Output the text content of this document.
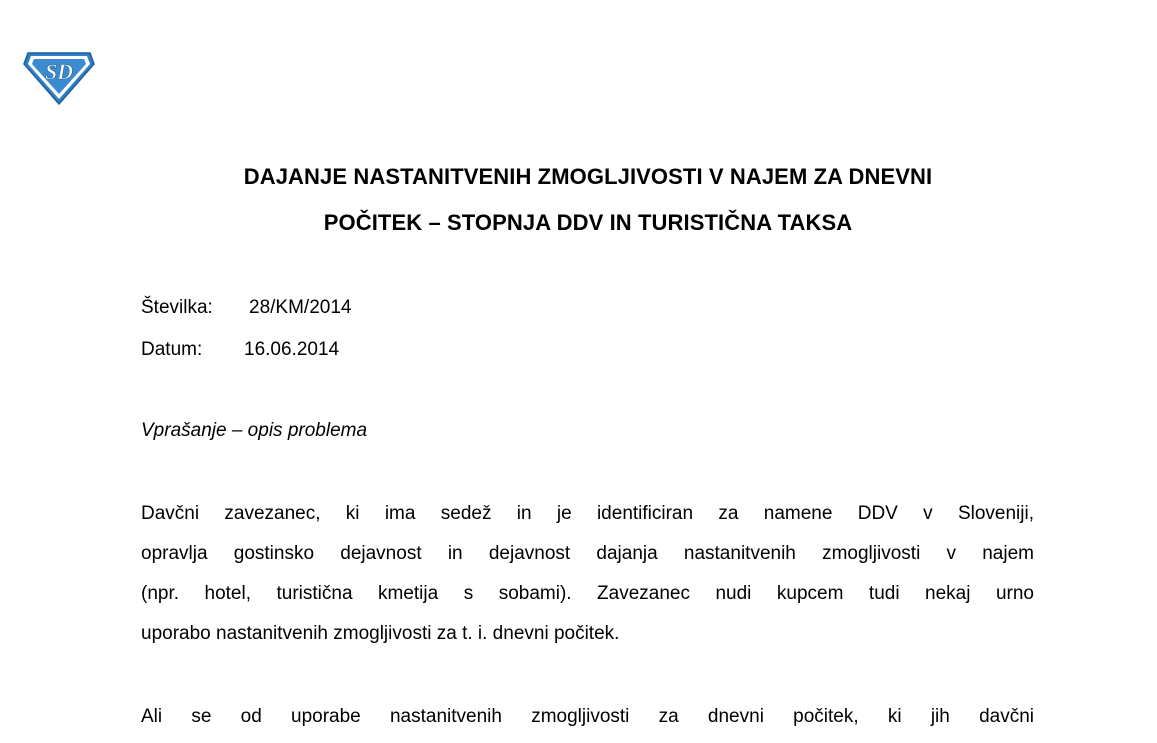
SD
DAJANJE NASTANITVENIH ZMOGLJIVOSTI V NAJEM ZA DNEVNI
POČITEK – STOPNJA DDV IN TURISTIČNA TAKSA
Številka: 28/KM/2014
Datum: 16.06.2014
Vprašanje – opis problema

Davčni zavezanec, ki ima sedež in je identificiran za namene DDV v Sloveniji,
opravlja gostinsko dejavnost in dejavnost dajanja nastanitvenih zmogljivosti v najem
(npr. hotel, turistična kmetija s sobami). Zavezanec nudi kupcem tudi nekaj urno
uporabo nastanitvenih zmogljivosti za t. i. dnevni počitek.

Ali se od uporabe nastanitvenih zmogljivosti za dnevni počitek, ki jih davčni
